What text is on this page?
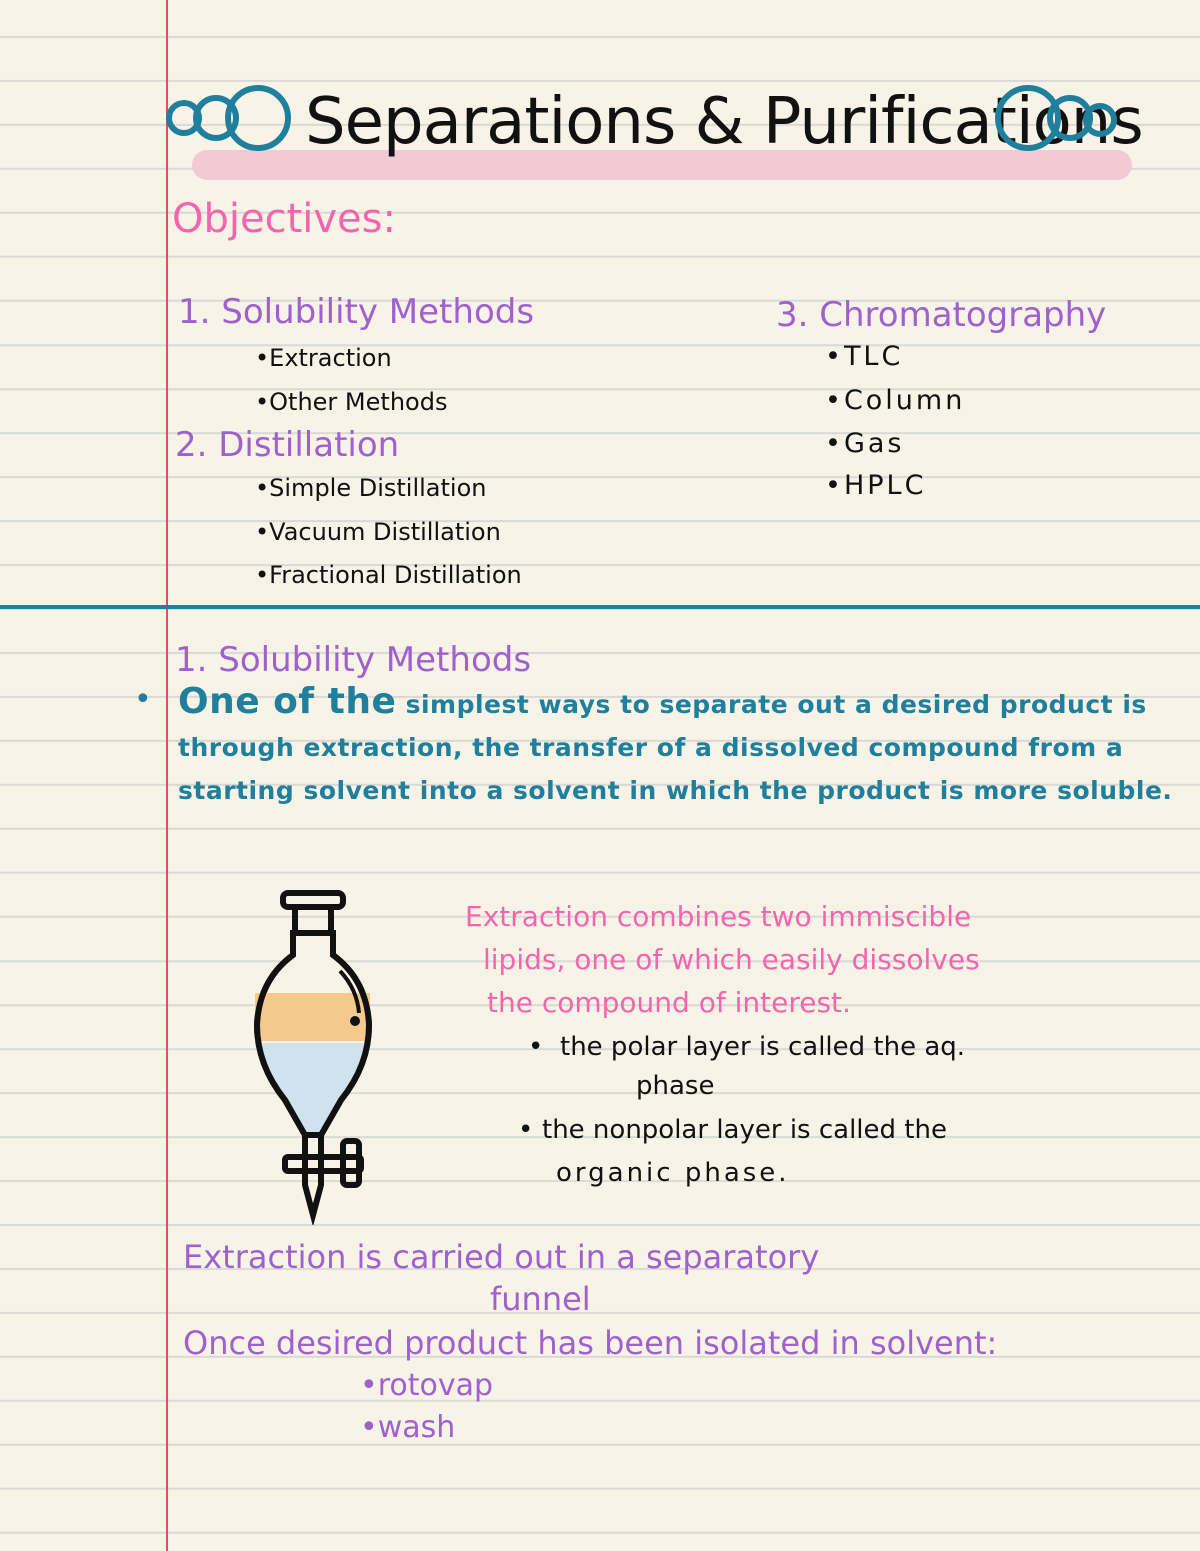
Separations & Purifications
Objectives:
1. Solubility Methods
• Extraction
• Other Methods
2. Distillation
• Simple Distillation
• Vacuum Distillation
• Fractional Distillation
3. Chromatography
• TLC
• Column
• Gas
• HPLC
1. Solubility Methods
• One of the simplest ways to separate out a desired product is through extraction, the transfer of a dissolved compound from a starting solvent into a solvent in which the product is more soluble.
Extraction combines two immiscible
lipids, one of which easily dissolves
the compound of interest.
• the polar layer is called the aq.
phase
• the nonpolar layer is called the
organic phase.
Extraction is carried out in a separatory
funnel
Once desired product has been isolated in solvent:
• rotovap
• wash
